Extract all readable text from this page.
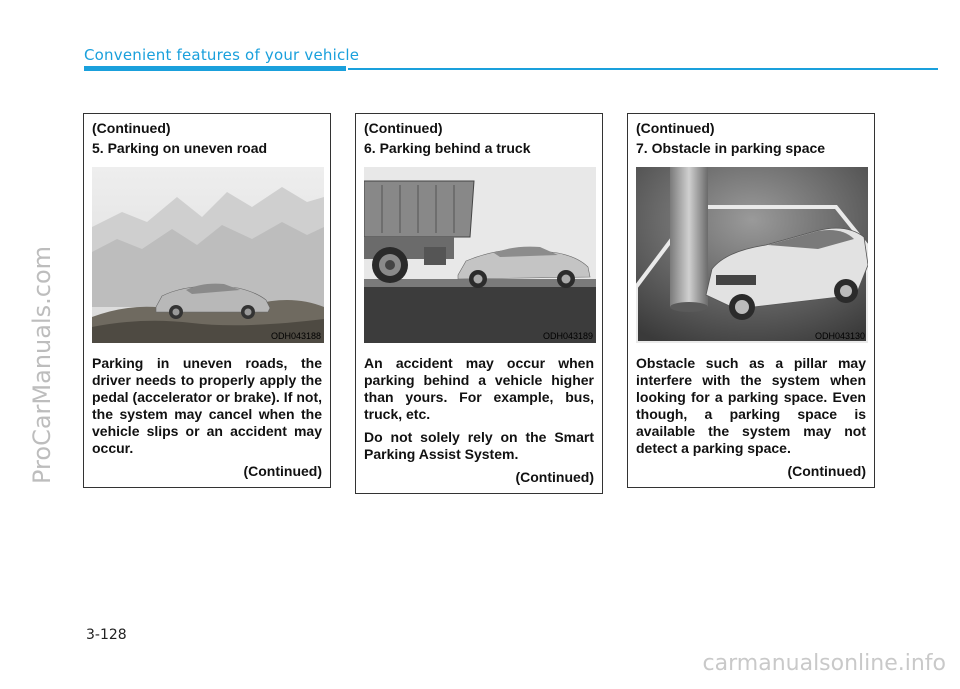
Convenient features of your vehicle
ProCarManuals.com
(Continued)
5. Parking on uneven road
ODH043188

Parking in uneven roads, the driver needs to properly apply the pedal (accelerator or brake). If not, the system may cancel when the vehicle slips or an accident may occur.

(Continued)

(Continued)
6. Parking behind a truck
ODH043189

An accident may occur when parking behind a vehicle higher than yours. For example, bus, truck, etc.

Do not solely rely on the Smart Parking Assist System.

(Continued)

(Continued)
7. Obstacle in parking space
ODH043130

Obstacle such as a pillar may interfere with the system when looking for a parking space. Even though, a parking space is available the system may not detect a parking space.

(Continued)

3-128
carmanualsonline.info
